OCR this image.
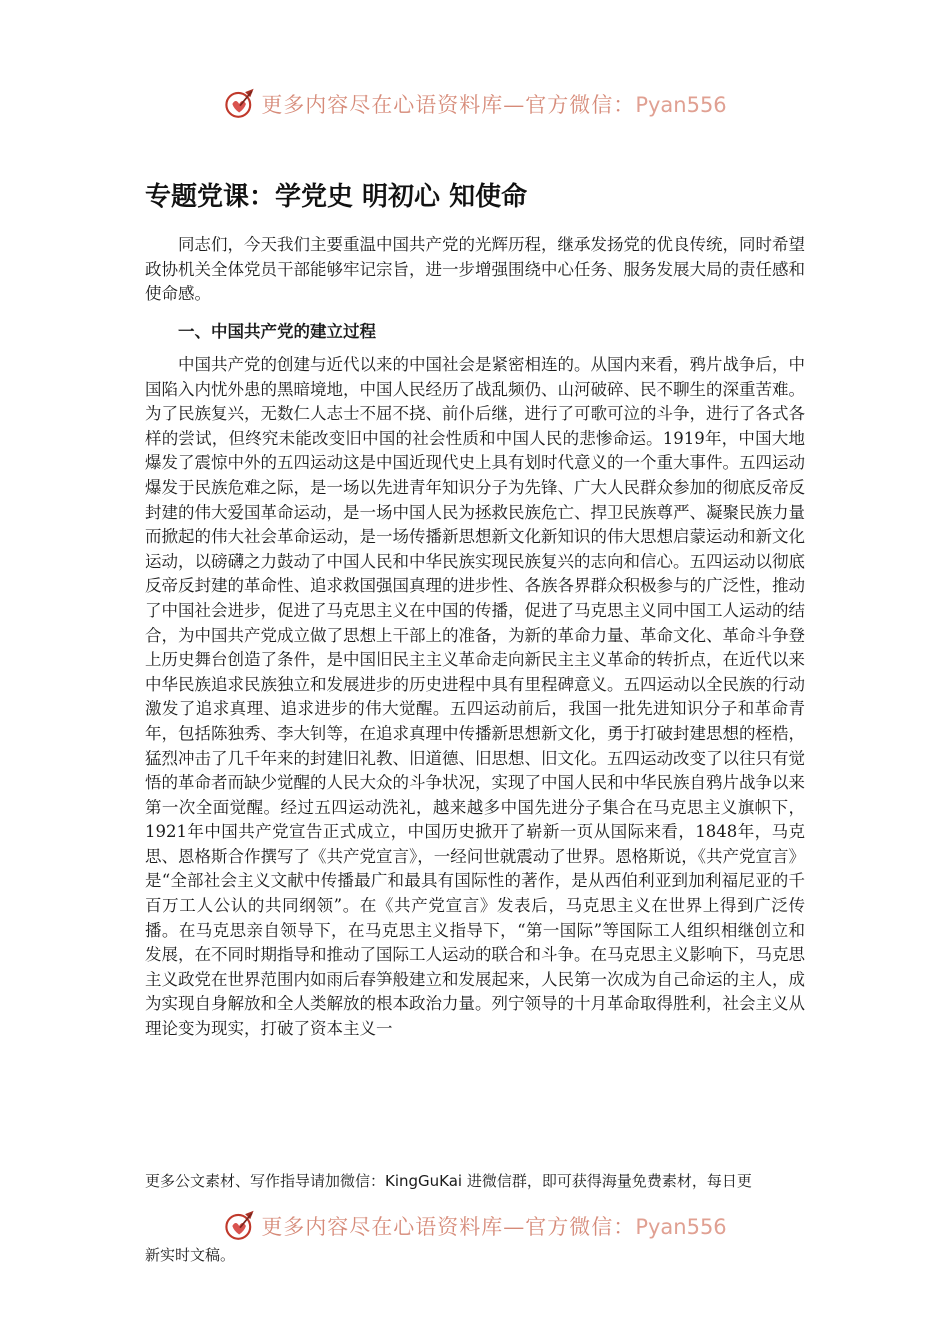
更多内容尽在心语资料库—官方微信：Pyan556
专题党课：学党史 明初心 知使命

同志们，今天我们主要重温中国共产党的光辉历程，继承发扬党的优良传统，同时希望政协机关全体党员干部能够牢记宗旨，进一步增强围绕中心任务、服务发展大局的责任感和使命感。

一、中国共产党的建立过程

中国共产党的创建与近代以来的中国社会是紧密相连的。从国内来看，鸦片战争后，中国陷入内忧外患的黑暗境地，中国人民经历了战乱频仍、山河破碎、民不聊生的深重苦难。为了民族复兴，无数仁人志士不屈不挠、前仆后继，进行了可歌可泣的斗争，进行了各式各样的尝试，但终究未能改变旧中国的社会性质和中国人民的悲惨命运。1919年，中国大地爆发了震惊中外的五四运动这是中国近现代史上具有划时代意义的一个重大事件。五四运动爆发于民族危难之际，是一场以先进青年知识分子为先锋、广大人民群众参加的彻底反帝反封建的伟大爱国革命运动，是一场中国人民为拯救民族危亡、捍卫民族尊严、凝聚民族力量而掀起的伟大社会革命运动，是一场传播新思想新文化新知识的伟大思想启蒙运动和新文化运动，以磅礴之力鼓动了中国人民和中华民族实现民族复兴的志向和信心。五四运动以彻底反帝反封建的革命性、追求救国强国真理的进步性、各族各界群众积极参与的广泛性，推动了中国社会进步，促进了马克思主义在中国的传播，促进了马克思主义同中国工人运动的结合，为中国共产党成立做了思想上干部上的准备，为新的革命力量、革命文化、革命斗争登上历史舞台创造了条件，是中国旧民主主义革命走向新民主主义革命的转折点，在近代以来中华民族追求民族独立和发展进步的历史进程中具有里程碑意义。五四运动以全民族的行动激发了追求真理、追求进步的伟大觉醒。五四运动前后，我国一批先进知识分子和革命青年，包括陈独秀、李大钊等，在追求真理中传播新思想新文化，勇于打破封建思想的桎梏，猛烈冲击了几千年来的封建旧礼教、旧道德、旧思想、旧文化。五四运动改变了以往只有觉悟的革命者而缺少觉醒的人民大众的斗争状况，实现了中国人民和中华民族自鸦片战争以来第一次全面觉醒。经过五四运动洗礼，越来越多中国先进分子集合在马克思主义旗帜下，1921年中国共产党宣告正式成立，中国历史掀开了崭新一页从国际来看，1848年，马克思、恩格斯合作撰写了《共产党宣言》，一经问世就震动了世界。恩格斯说，《共产党宣言》是“全部社会主义文献中传播最广和最具有国际性的著作，是从西伯利亚到加利福尼亚的千百万工人公认的共同纲领”。在《共产党宣言》发表后，马克思主义在世界上得到广泛传播。在马克思亲自领导下，在马克思主义指导下，“第一国际”等国际工人组织相继创立和发展，在不同时期指导和推动了国际工人运动的联合和斗争。在马克思主义影响下，马克思主义政党在世界范围内如雨后春笋般建立和发展起来，人民第一次成为自己命运的主人，成为实现自身解放和全人类解放的根本政治力量。列宁领导的十月革命取得胜利，社会主义从理论变为现实，打破了资本主义一

更多公文素材、写作指导请加微信：KingGuKai 进微信群，即可获得海量免费素材，每日更

更多内容尽在心语资料库—官方微信：Pyan556

新实时文稿。
